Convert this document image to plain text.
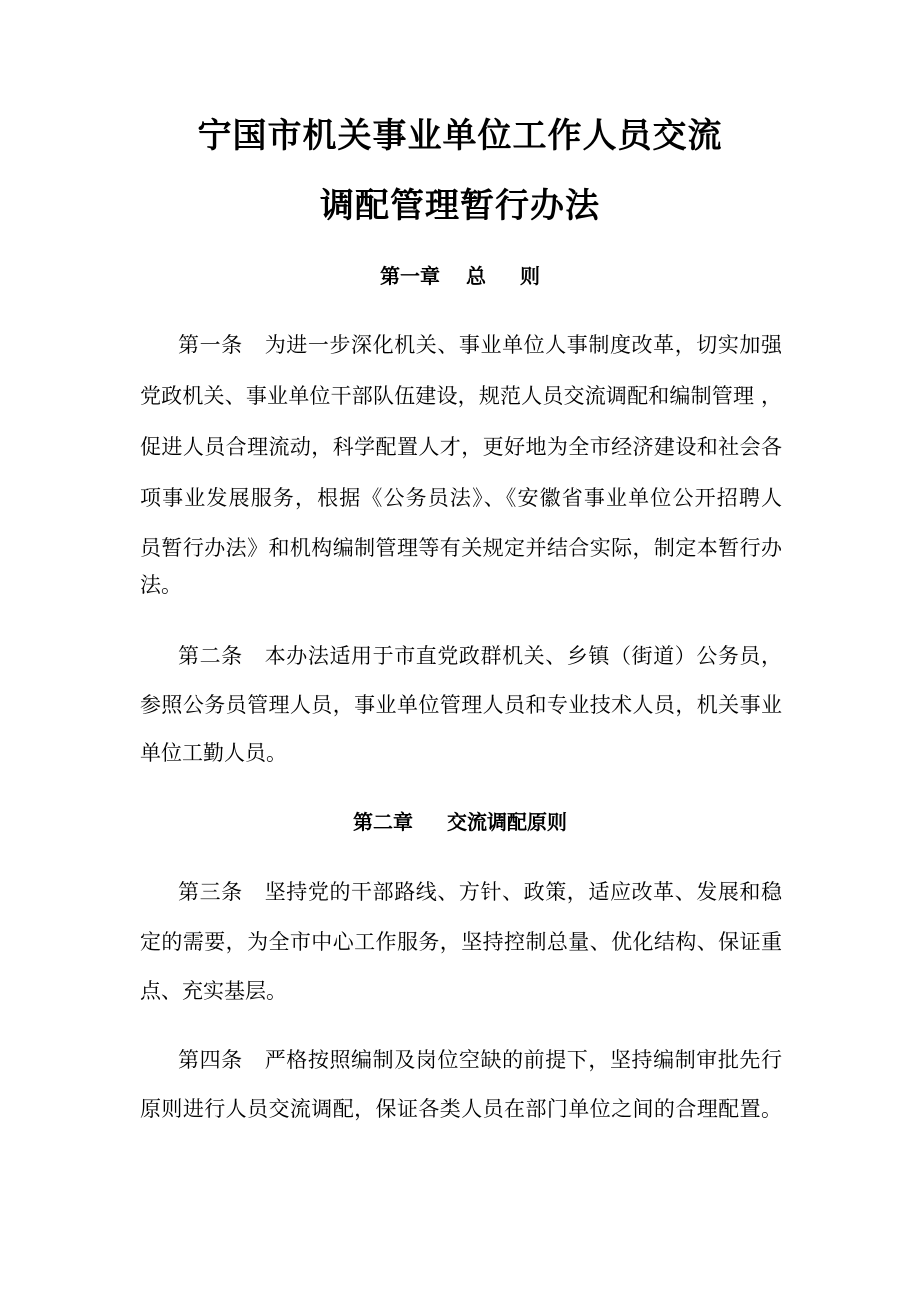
宁国市机关事业单位工作人员交流
调配管理暂行办法
第一章 总 则
第一条 为进一步深化机关、事业单位人事制度改革，切实加强
党政机关、事业单位干部队伍建设，规范人员交流调配和编制管理 ，
促进人员合理流动，科学配置人才，更好地为全市经济建设和社会各
项事业发展服务，根据《公务员法》、《安徽省事业单位公开招聘人
员暂行办法》和机构编制管理等有关规定并结合实际，制定本暂行办
法。
第二条 本办法适用于市直党政群机关、乡镇（街道）公务员，
参照公务员管理人员，事业单位管理人员和专业技术人员，机关事业
单位工勤人员。
第二章 交流调配原则
第三条 坚持党的干部路线、方针、政策，适应改革、发展和稳
定的需要，为全市中心工作服务，坚持控制总量、优化结构、保证重
点、充实基层。
第四条 严格按照编制及岗位空缺的前提下，坚持编制审批先行
原则进行人员交流调配，保证各类人员在部门单位之间的合理配置。
